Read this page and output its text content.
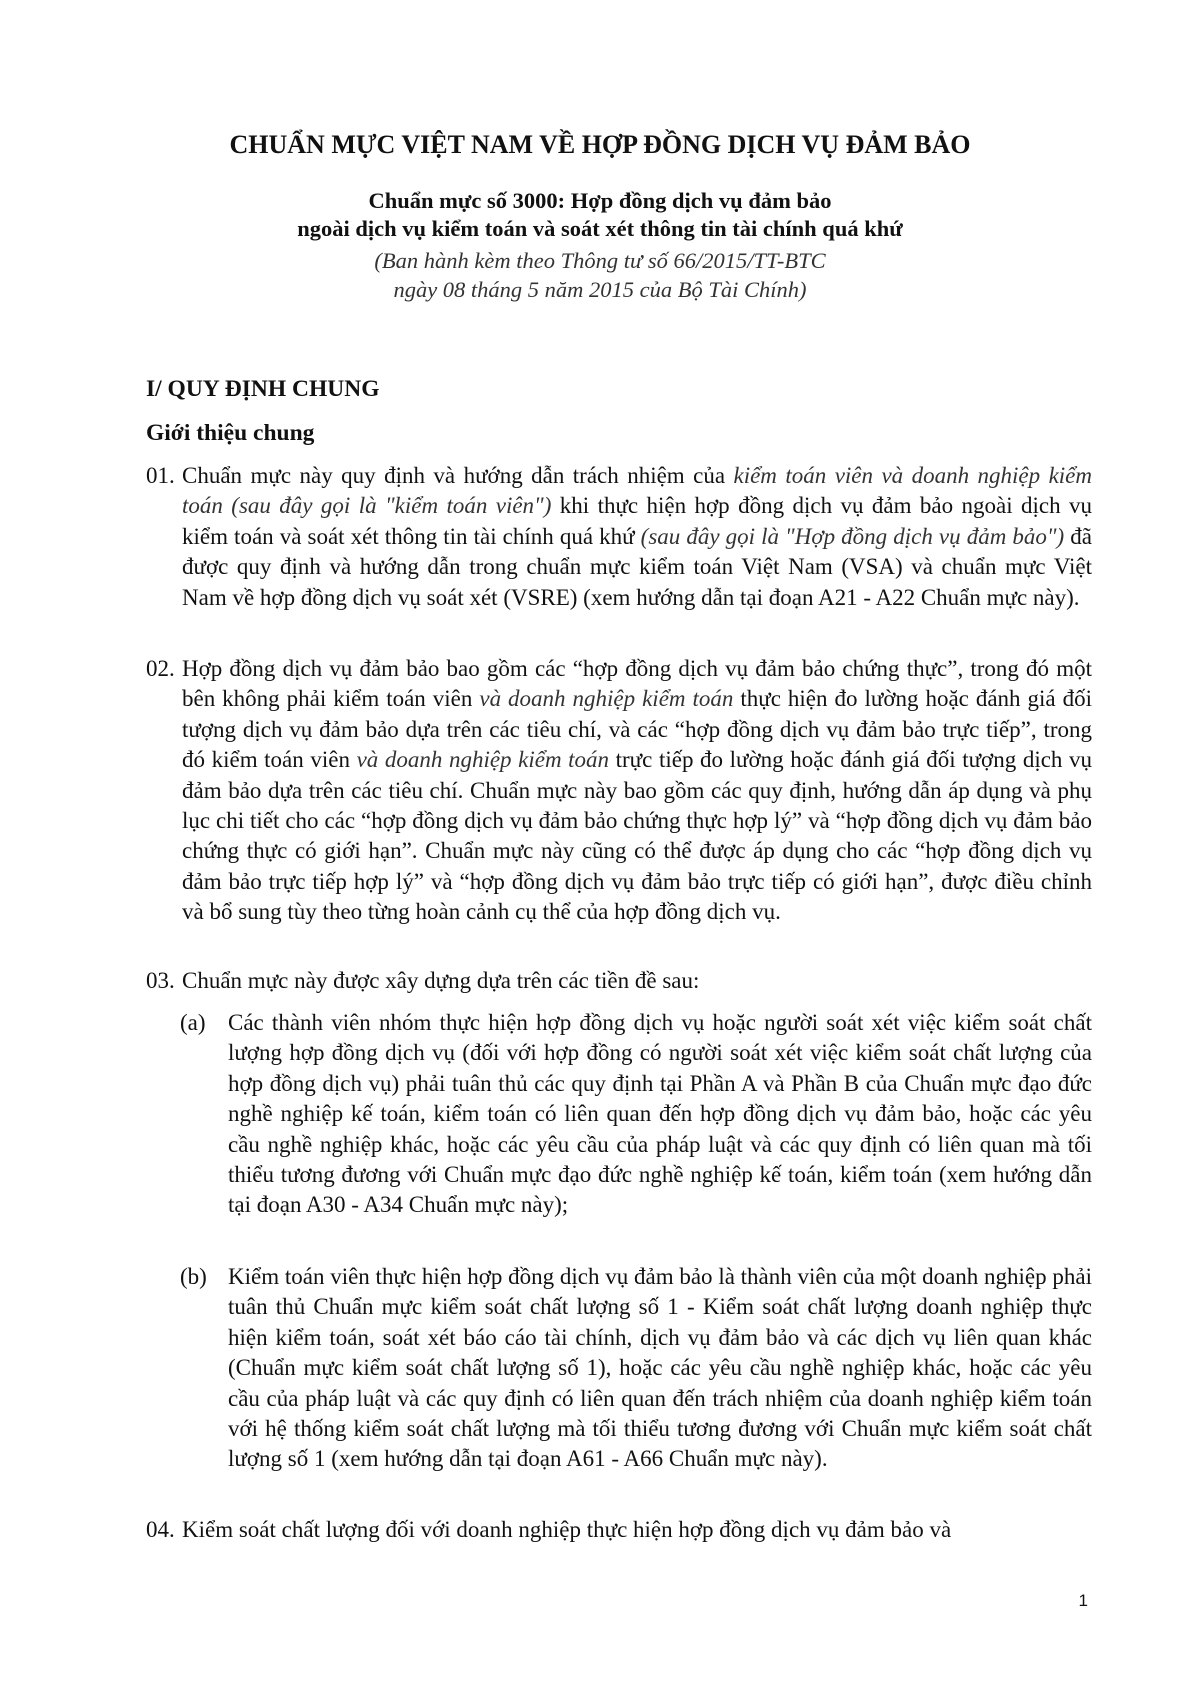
CHUẨN MỰC VIỆT NAM VỀ HỢP ĐỒNG DỊCH VỤ ĐẢM BẢO
Chuẩn mực số 3000: Hợp đồng dịch vụ đảm bảo
ngoài dịch vụ kiểm toán và soát xét thông tin tài chính quá khứ
(Ban hành kèm theo Thông tư số 66/2015/TT-BTC
ngày 08 tháng 5 năm 2015 của Bộ Tài Chính)
I/ QUY ĐỊNH CHUNG
Giới thiệu chung
01. Chuẩn mực này quy định và hướng dẫn trách nhiệm của kiểm toán viên và doanh nghiệp kiểm toán (sau đây gọi là "kiểm toán viên") khi thực hiện hợp đồng dịch vụ đảm bảo ngoài dịch vụ kiểm toán và soát xét thông tin tài chính quá khứ (sau đây gọi là "Hợp đồng dịch vụ đảm bảo") đã được quy định và hướng dẫn trong chuẩn mực kiểm toán Việt Nam (VSA) và chuẩn mực Việt Nam về hợp đồng dịch vụ soát xét (VSRE) (xem hướng dẫn tại đoạn A21 - A22 Chuẩn mực này).
02. Hợp đồng dịch vụ đảm bảo bao gồm các “hợp đồng dịch vụ đảm bảo chứng thực”, trong đó một bên không phải kiểm toán viên và doanh nghiệp kiểm toán thực hiện đo lường hoặc đánh giá đối tượng dịch vụ đảm bảo dựa trên các tiêu chí, và các “hợp đồng dịch vụ đảm bảo trực tiếp”, trong đó kiểm toán viên và doanh nghiệp kiểm toán trực tiếp đo lường hoặc đánh giá đối tượng dịch vụ đảm bảo dựa trên các tiêu chí. Chuẩn mực này bao gồm các quy định, hướng dẫn áp dụng và phụ lục chi tiết cho các “hợp đồng dịch vụ đảm bảo chứng thực hợp lý” và “hợp đồng dịch vụ đảm bảo chứng thực có giới hạn”. Chuẩn mực này cũng có thể được áp dụng cho các “hợp đồng dịch vụ đảm bảo trực tiếp hợp lý” và “hợp đồng dịch vụ đảm bảo trực tiếp có giới hạn”, được điều chỉnh và bổ sung tùy theo từng hoàn cảnh cụ thể của hợp đồng dịch vụ.
03. Chuẩn mực này được xây dựng dựa trên các tiền đề sau:
(a) Các thành viên nhóm thực hiện hợp đồng dịch vụ hoặc người soát xét việc kiểm soát chất lượng hợp đồng dịch vụ (đối với hợp đồng có người soát xét việc kiểm soát chất lượng của hợp đồng dịch vụ) phải tuân thủ các quy định tại Phần A và Phần B của Chuẩn mực đạo đức nghề nghiệp kế toán, kiểm toán có liên quan đến hợp đồng dịch vụ đảm bảo, hoặc các yêu cầu nghề nghiệp khác, hoặc các yêu cầu của pháp luật và các quy định có liên quan mà tối thiểu tương đương với Chuẩn mực đạo đức nghề nghiệp kế toán, kiểm toán (xem hướng dẫn tại đoạn A30 - A34 Chuẩn mực này);
(b) Kiểm toán viên thực hiện hợp đồng dịch vụ đảm bảo là thành viên của một doanh nghiệp phải tuân thủ Chuẩn mực kiểm soát chất lượng số 1 - Kiểm soát chất lượng doanh nghiệp thực hiện kiểm toán, soát xét báo cáo tài chính, dịch vụ đảm bảo và các dịch vụ liên quan khác (Chuẩn mực kiểm soát chất lượng số 1), hoặc các yêu cầu nghề nghiệp khác, hoặc các yêu cầu của pháp luật và các quy định có liên quan đến trách nhiệm của doanh nghiệp kiểm toán với hệ thống kiểm soát chất lượng mà tối thiểu tương đương với Chuẩn mực kiểm soát chất lượng số 1 (xem hướng dẫn tại đoạn A61 - A66 Chuẩn mực này).
04. Kiểm soát chất lượng đối với doanh nghiệp thực hiện hợp đồng dịch vụ đảm bảo và
1
